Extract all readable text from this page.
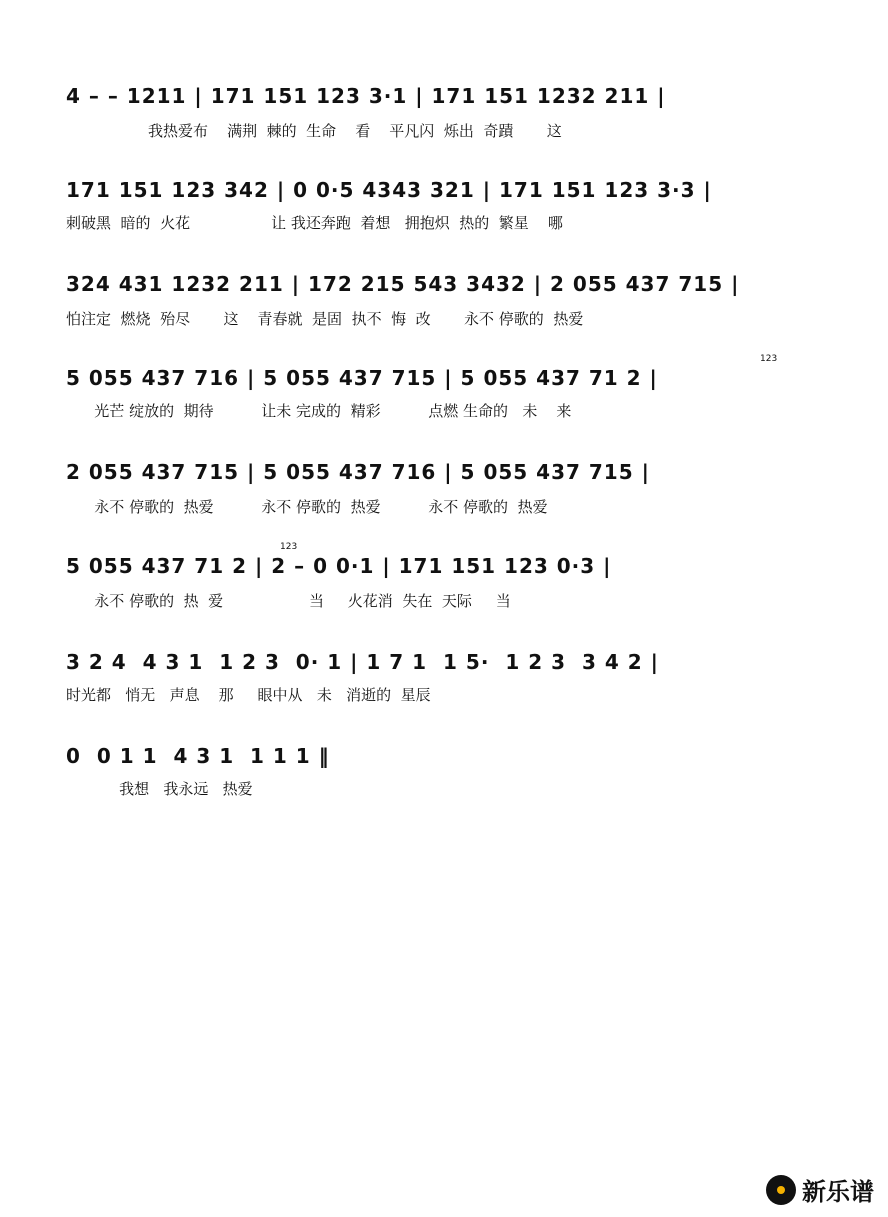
4 – – 1211 | 171 151 123 3·1 | 171 151 1232 211 |
我热爱布    满荆  棘的  生命    看    平凡闪  烁出  奇蹟       这
171 151 123 342 | 0 0·5 4343 321 | 171 151 123 3·3 |
刺破黑  暗的  火花                 让 我还奔跑  着想   拥抱炽  热的  繁星    哪
324 431 1232 211 | 172 215 543 3432 | 2 055 437 715 |
怕注定  燃烧  殆尽       这    青春就  是固  执不  悔  改       永不 停歌的  热爱
5 055 437 716 | 5 055 437 715 | 5 055 437 71 2 |
光芒 绽放的  期待          让未 完成的  精彩          点燃 生命的   未    来
123
2 055 437 715 | 5 055 437 716 | 5 055 437 715 |
永不 停歌的  热爱          永不 停歌的  热爱          永不 停歌的  热爱
5 055 437 71 2 | 2 – 0 0·1 | 171 151 123 0·3 |
永不 停歌的  热  爱                  当     火花消  失在  天际     当
123
3 2 4  4 3 1  1 2 3  0· 1 | 1 7 1  1 5·  1 2 3  3 4 2 |
时光都   悄无   声息    那     眼中从   未   消逝的  星辰
0  0 1 1  4 3 1  1 1 1 ‖
我想   我永远   热爱
新乐谱
